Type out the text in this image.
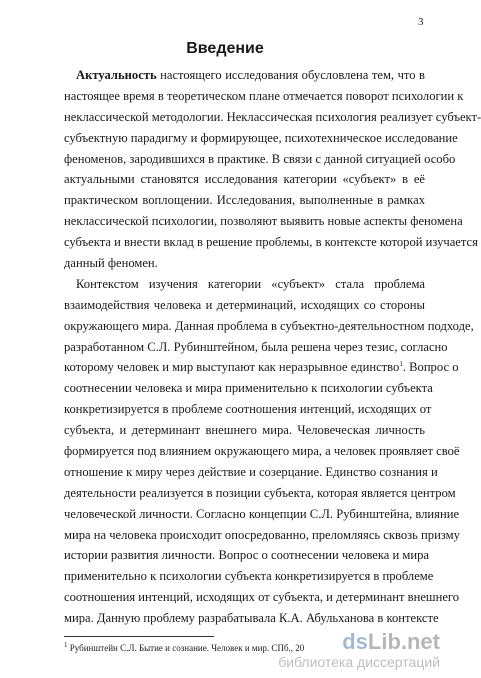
3
Введение
Актуальность настоящего исследования обусловлена тем, что в
настоящее время в теоретическом плане отмечается поворот психологии к
неклассической методологии. Неклассическая психология реализует субъект-
субъектную парадигму и формирующее, психотехническое исследование
феноменов, зародившихся в практике. В связи с данной ситуацией особо
актуальными становятся исследования категории «субъект» в её
практическом воплощении. Исследования, выполненные в рамках
неклассической психологии, позволяют выявить новые аспекты феномена
субъекта и внести вклад в решение проблемы, в контексте которой изучается
данный феномен.
Контекстом изучения категории «субъект» стала проблема
взаимодействия человека и детерминаций, исходящих со стороны
окружающего мира. Данная проблема в субъектно-деятельностном подходе,
разработанном С.Л. Рубинштейном, была решена через тезис, согласно
которому человек и мир выступают как неразрывное единство$^1$. Вопрос о
соотнесении человека и мира применительно к психологии субъекта
конкретизируется в проблеме соотношения интенций, исходящих от
субъекта, и детерминант внешнего мира. Человеческая личность
формируется под влиянием окружающего мира, а человек проявляет своё
отношение к миру через действие и созерцание. Единство сознания и
деятельности реализуется в позиции субъекта, которая является центром
человеческой личности. Согласно концепции С.Л. Рубинштейна, влияние
мира на человека происходит опосредованно, преломляясь сквозь призму
истории развития личности. Вопрос о соотнесении человека и мира
применительно к психологии субъекта конкретизируется в проблеме
соотношения интенций, исходящих от субъекта, и детерминант внешнего
мира. Данную проблему разрабатывала К.А. Абульханова в контексте
$^1$ Рубинштейн С.Л. Бытие и сознание. Человек и мир. СПб., 20	dsLib.net
библиотека диссертаций
